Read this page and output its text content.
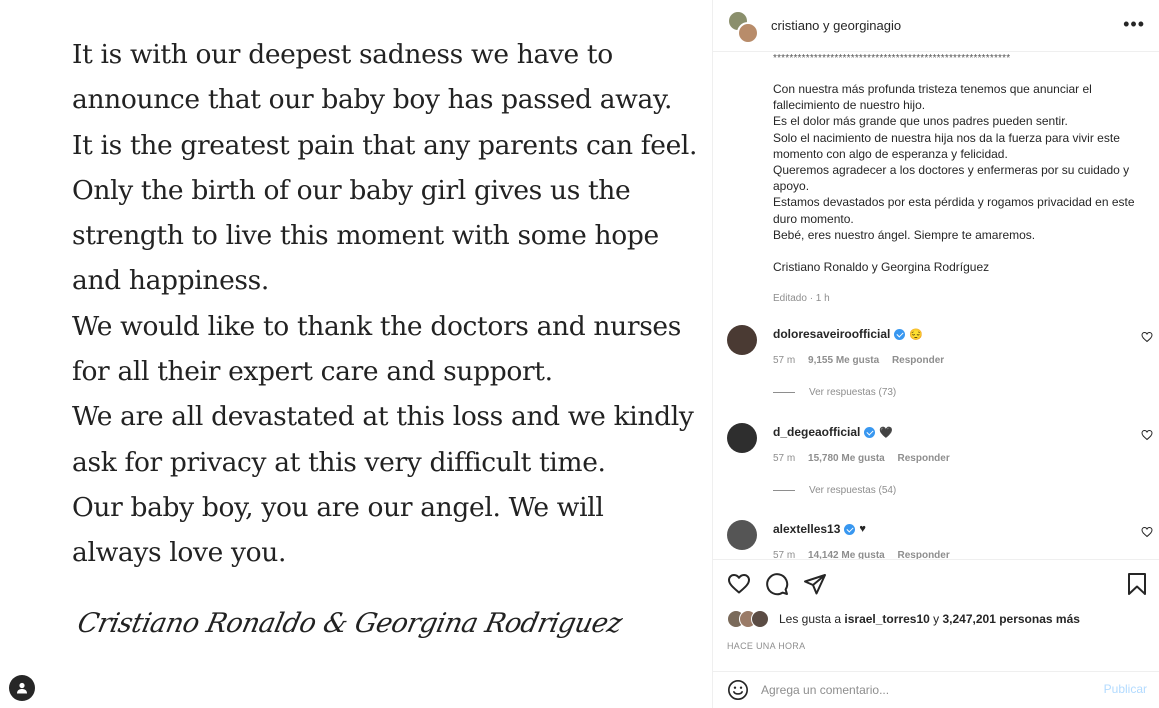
It is with our deepest sadness we have to
announce that our baby boy has passed away.
It is the greatest pain that any parents can feel.
Only the birth of our baby girl gives us the
strength to live this moment with some hope
and happiness.
We would like to thank the doctors and nurses
for all their expert care and support.
We are all devastated at this loss and we kindly
ask for privacy at this very difficult time.
Our baby boy, you are our angel. We will
always love you.
Cristiano Ronaldo & Georgina Rodriguez
cristiano y georginagio	•••

**********************************************************

Con nuestra más profunda tristeza tenemos que anunciar el fallecimiento de nuestro hijo.

Es el dolor más grande que unos padres pueden sentir.

Solo el nacimiento de nuestra hija nos da la fuerza para vivir este momento con algo de esperanza y felicidad.

Queremos agradecer a los doctores y enfermeras por su cuidado y apoyo.

Estamos devastados por esta pérdida y rogamos privacidad en este duro momento.

Bebé, eres nuestro ángel. Siempre te amaremos.

Cristiano Ronaldo y Georgina Rodríguez

Editado · 1 h
doloresaveiroofficial 😔
57 m 9,155 Me gusta Responder
Ver respuestas (73)
d_degeaofficial 🖤
57 m 15,780 Me gusta Responder
Ver respuestas (54)
alextelles13 ♥
57 m 14,142 Me gusta Responder
Les gusta a
israel_torres10
y
3,247,201 personas más
HACE UNA HORA
Agrega un comentario...
Publicar
